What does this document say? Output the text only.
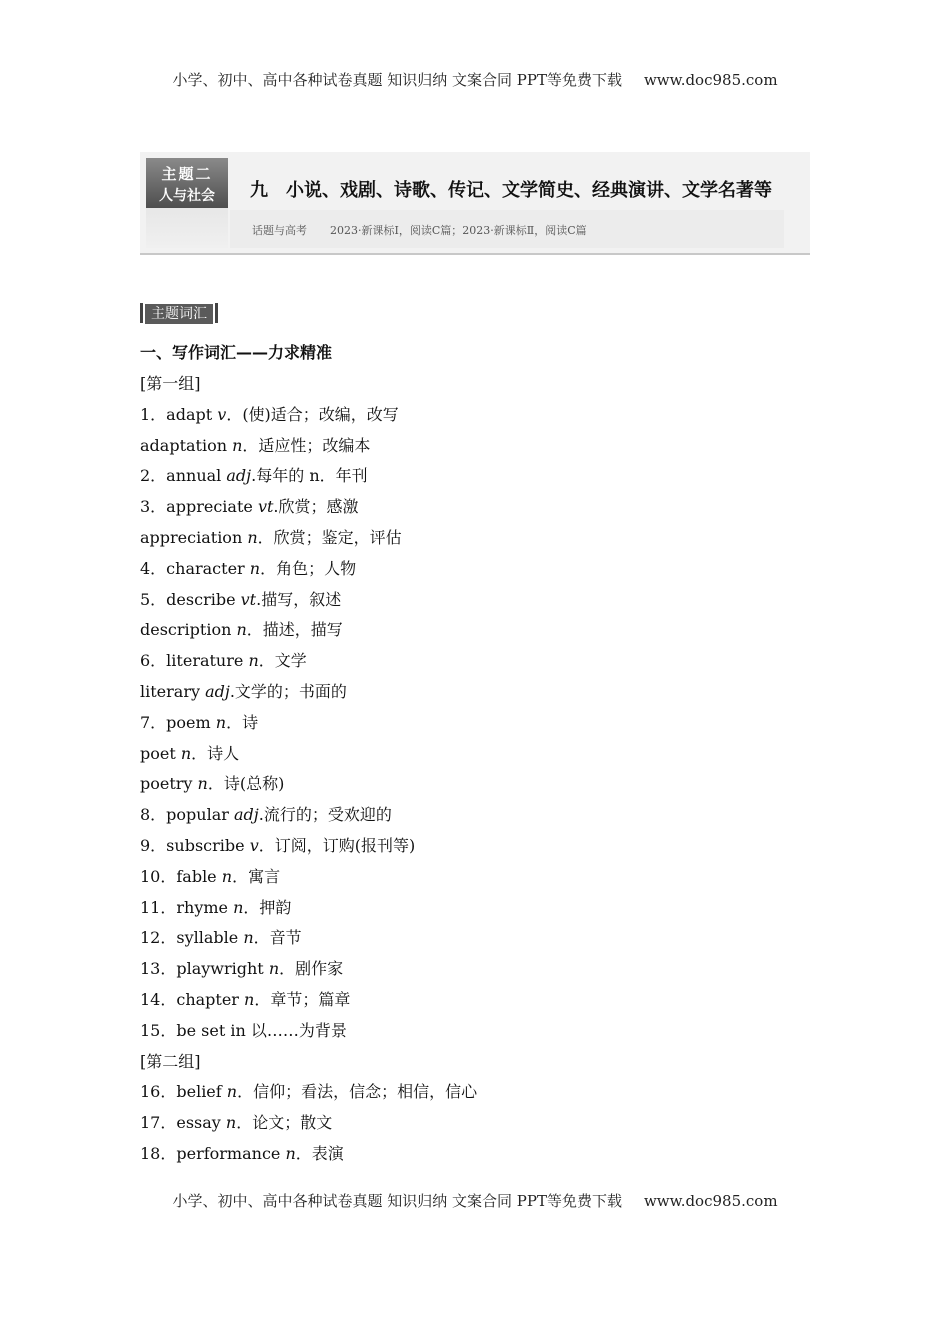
小学、初中、高中各种试卷真题 知识归纳 文案合同 PPT等免费下载 www.doc985.com
主题二
人与社会	九 小说、戏剧、诗歌、传记、文学简史、经典演讲、文学名著等
话题与高考 2023·新课标Ⅰ，阅读C篇；2023·新课标Ⅱ，阅读C篇
主题词汇
一、写作词汇——力求精准
[第一组]
1．adapt v．(使)适合；改编，改写
adaptation n．适应性；改编本
2．annual adj.每年的 n．年刊
3．appreciate vt.欣赏；感激
appreciation n．欣赏；鉴定，评估
4．character n．角色；人物
5．describe vt.描写，叙述
description n．描述，描写
6．literature n．文学
literary adj.文学的；书面的
7．poem n．诗
poet n．诗人
poetry n．诗(总称)
8．popular adj.流行的；受欢迎的
9．subscribe v．订阅，订购(报刊等)
10．fable n．寓言
11．rhyme n．押韵
12．syllable n．音节
13．playwright n．剧作家
14．chapter n．章节；篇章
15．be set in 以……为背景
[第二组]
16．belief n．信仰；看法，信念；相信，信心
17．essay n．论文；散文
18．performance n．表演
小学、初中、高中各种试卷真题 知识归纳 文案合同 PPT等免费下载 www.doc985.com
